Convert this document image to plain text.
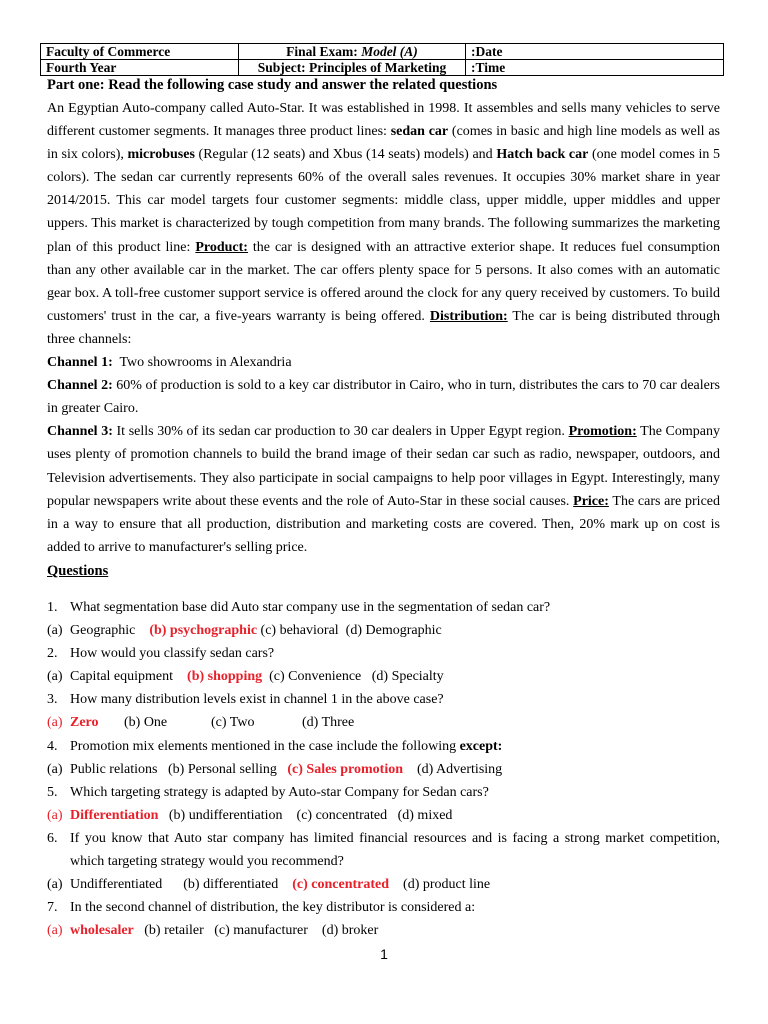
Faculty of Commerce	Final Exam: Model (A)	:Date
Fourth Year	Subject: Principles of Marketing	:Time
Part one: Read the following case study and answer the related questions

An Egyptian Auto-company called Auto-Star. It was established in 1998. It assembles and sells many vehicles to serve different customer segments. It manages three product lines: sedan car (comes in basic and high line models as well as in six colors), microbuses (Regular (12 seats) and Xbus (14 seats) models) and Hatch back car (one model comes in 5 colors). The sedan car currently represents 60% of the overall sales revenues. It occupies 30% market share in year 2014/2015. This car model targets four customer segments: middle class, upper middle, upper middles and upper uppers. This market is characterized by tough competition from many brands. The following summarizes the marketing plan of this product line: Product: the car is designed with an attractive exterior shape. It reduces fuel consumption than any other available car in the market. The car offers plenty space for 5 persons. It also comes with an automatic gear box. A toll-free customer support service is offered around the clock for any query received by customers. To build customers' trust in the car, a five-years warranty is being offered. Distribution: The car is being distributed through three channels:

Channel 1:  Two showrooms in Alexandria

Channel 2: 60% of production is sold to a key car distributor in Cairo, who in turn, distributes the cars to 70 car dealers in greater Cairo.

Channel 3: It sells 30% of its sedan car production to 30 car dealers in Upper Egypt region. Promotion: The Company uses plenty of promotion channels to build the brand image of their sedan car such as radio, newspaper, outdoors, and Television advertisements. They also participate in social campaigns to help poor villages in Egypt. Interestingly, many popular newspapers write about these events and the role of Auto-Star in these social causes. Price: The cars are priced in a way to ensure that all production, distribution and marketing costs are covered. Then, 20% mark up on cost is added to arrive to manufacturer's selling price.

Questions
1. What segmentation base did Auto star company use in the segmentation of sedan car?
(a) Geographic (b) psychographic (c) behavioral (d) Demographic
2. How would you classify sedan cars?
(a) Capital equipment (b) shopping (c) Convenience (d) Specialty
3. How many distribution levels exist in channel 1 in the above case?
(a) Zero (b) One	(c) Two	(d) Three
4. Promotion mix elements mentioned in the case include the following except:
(a) Public relations (b) Personal selling (c) Sales promotion (d) Advertising
5. Which targeting strategy is adapted by Auto-star Company for Sedan cars?
(a) Differentiation (b) undifferentiation (c) concentrated (d) mixed
6. If you know that Auto star company has limited financial resources and is facing a strong market competition, which targeting strategy would you recommend?
(a) Undifferentiated (b) differentiated (c) concentrated (d) product line
7. In the second channel of distribution, the key distributor is considered a:
(a) wholesaler (b) retailer (c) manufacturer (d) broker
1
